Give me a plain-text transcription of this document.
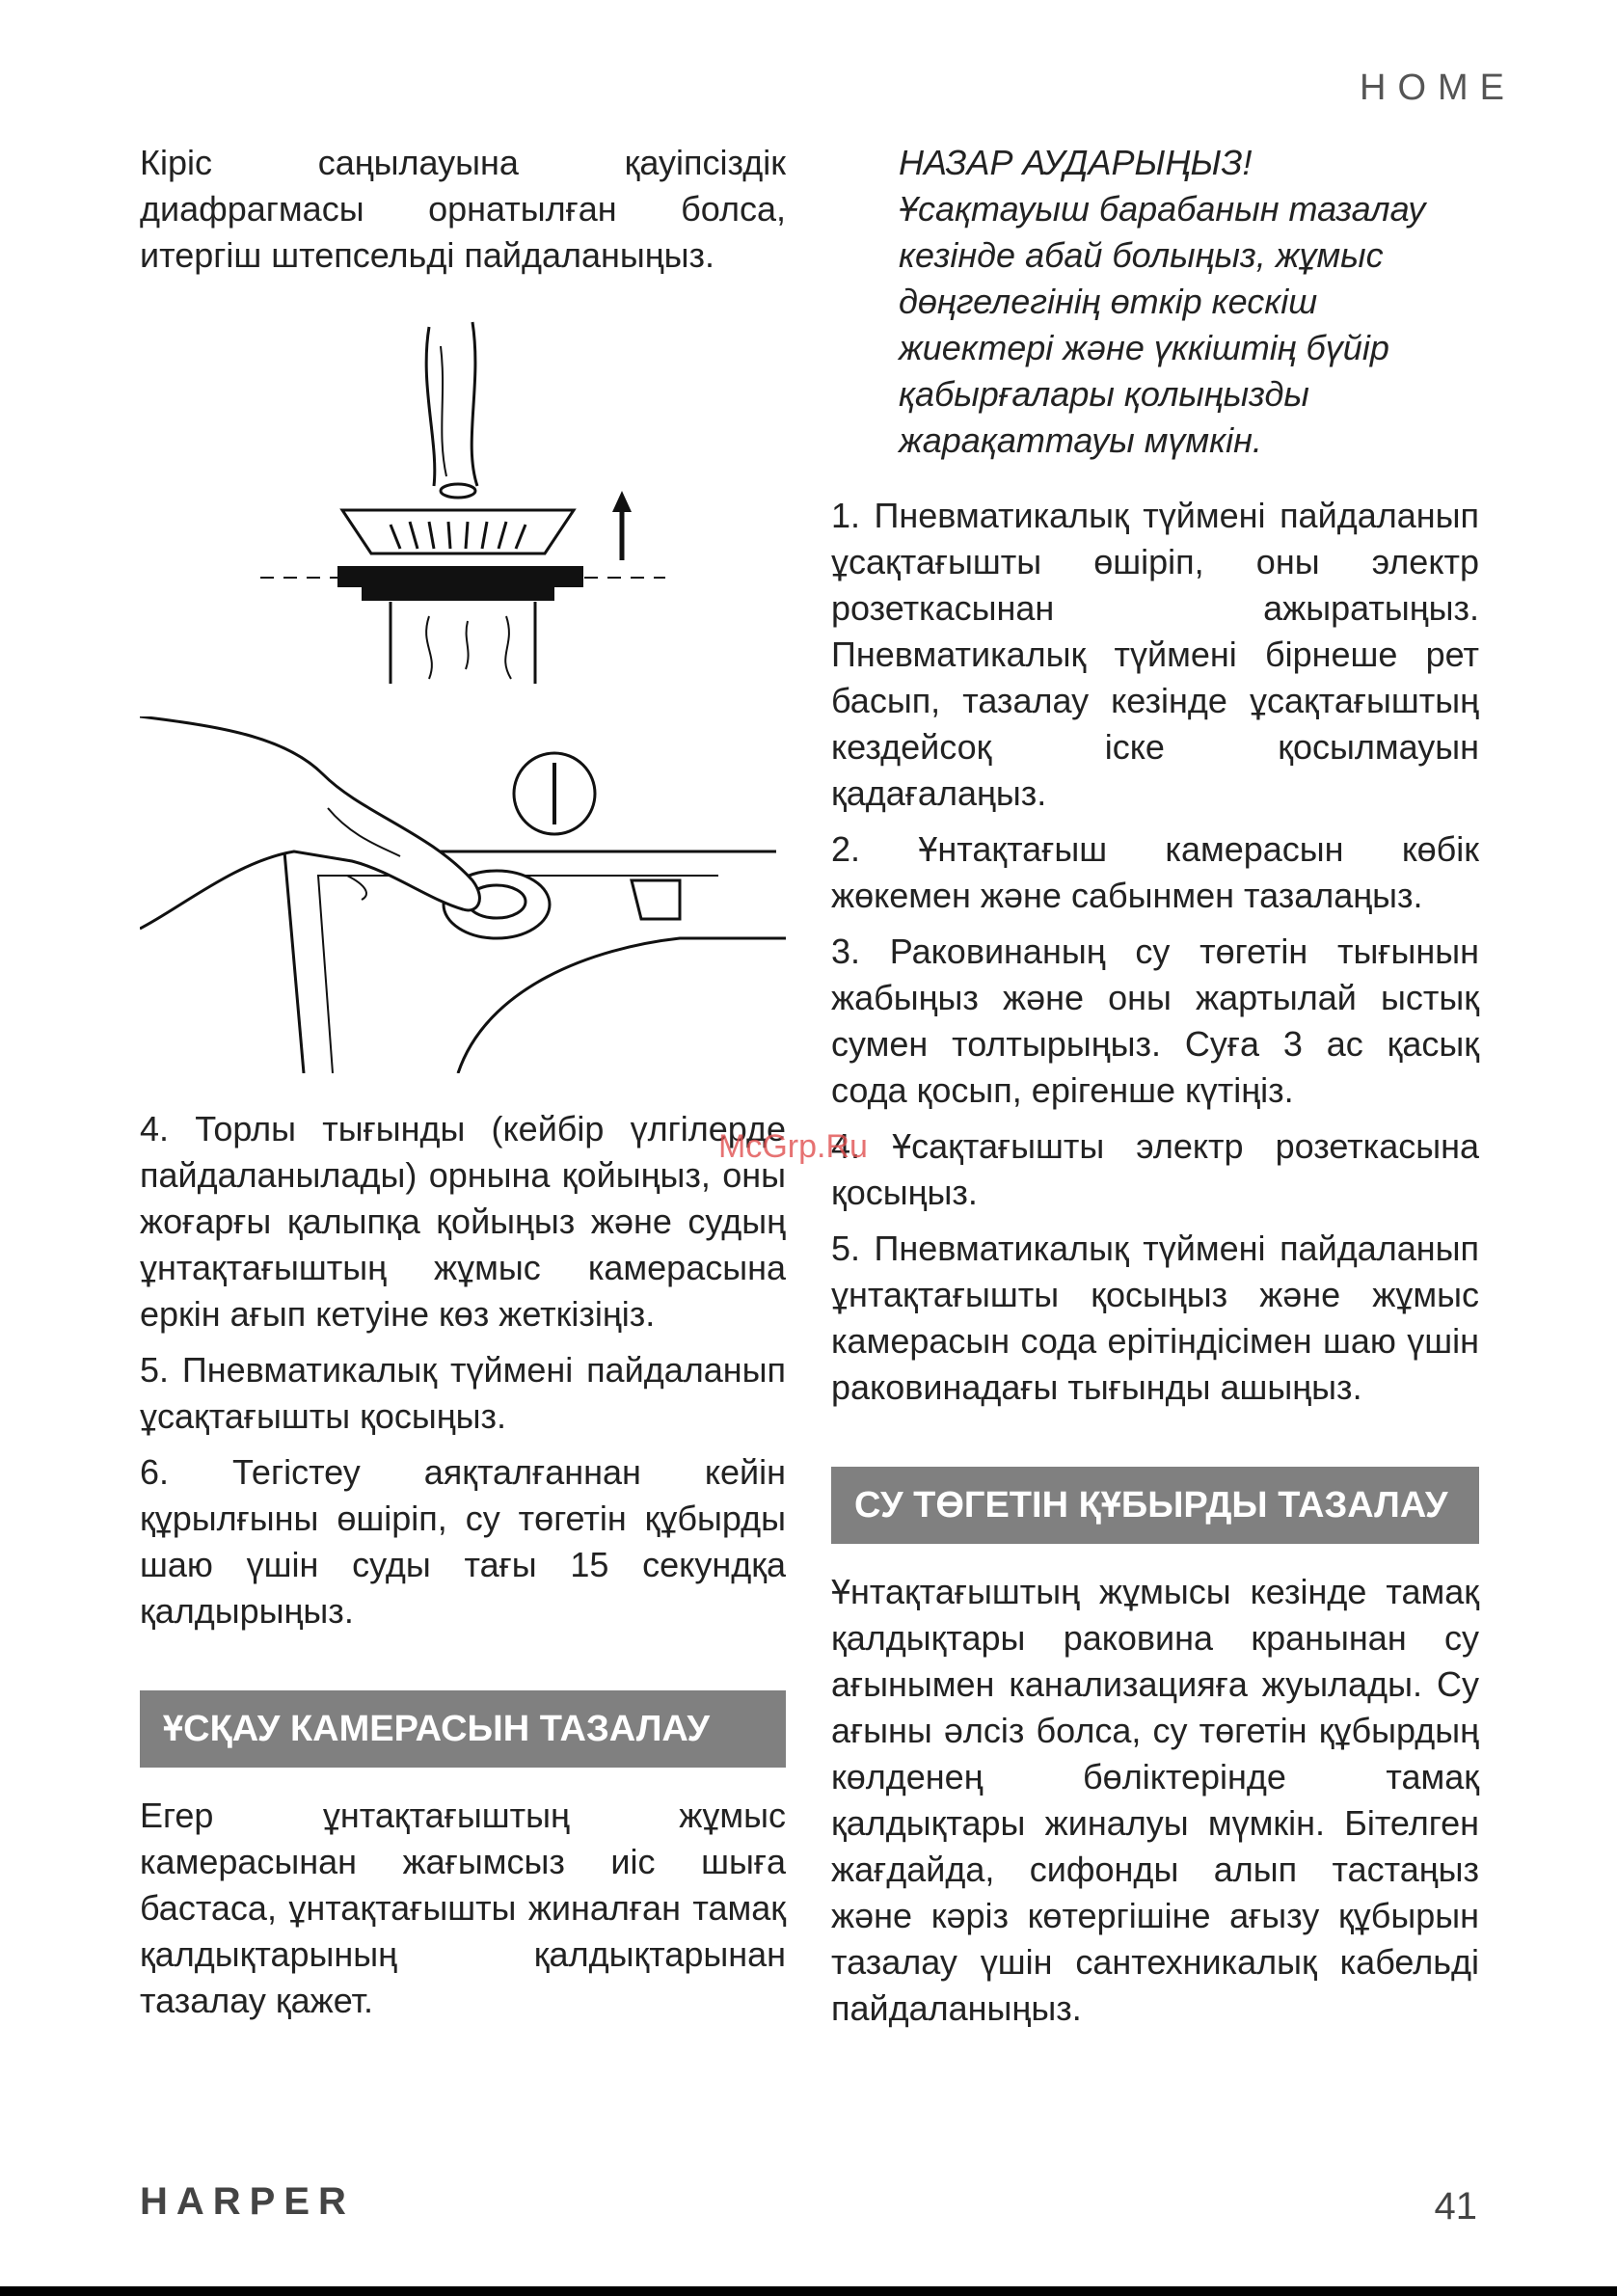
HOME

Кіріс саңылауына қауіпсіздік диафрагмасы орнатылған болса, итергіш штепсельді пайдаланыңыз.

4. Торлы тығынды (кейбір үлгілерде пайдаланылады) орнына қойыңыз, оны жоғарғы қалыпқа қойыңыз және судың ұнтақтағыштың жұмыс камерасына еркін ағып кетуіне көз жеткізіңіз.

5. Пневматикалық түймені пайдаланып ұсақтағышты қосыңыз.

6. Тегістеу аяқталғаннан кейін құрылғыны өшіріп, су төгетін құбырды шаю үшін суды тағы 15 секундқа қалдырыңыз.

ҰСҚАУ КАМЕРАСЫН ТАЗАЛАУ

Егер ұнтақтағыштың жұмыс камерасынан жағымсыз иіс шыға бастаса, ұнтақтағышты жиналған тамақ қалдықтарының қалдықтарынан тазалау қажет.

НАЗАР АУДАРЫҢЫЗ!
Ұсақтауыш барабанын тазалау кезінде абай болыңыз, жұмыс дөңгелегінің өткір кескіш жиектері және үккіштің бүйір қабырғалары қолыңызды жарақаттауы мүмкін.

1. Пневматикалық түймені пайдаланып ұсақтағышты өшіріп, оны электр розеткасынан ажыратыңыз. Пневматикалық түймені бірнеше рет басып, тазалау кезінде ұсақтағыштың кездейсоқ іске қосылмауын қадағалаңыз.

2. Ұнтақтағыш камерасын көбік жөкемен және сабынмен тазалаңыз.

3. Раковинаның су төгетін тығынын жабыңыз және оны жартылай ыстық сумен толтырыңыз. Суға 3 ас қасық сода қосып, ерігенше күтіңіз.

4. Ұсақтағышты электр розеткасына қосыңыз.

5. Пневматикалық түймені пайдаланып ұнтақтағышты қосыңыз және жұмыс камерасын сода ерітіндісімен шаю үшін раковинадағы тығынды ашыңыз.

СУ ТӨГЕТІН ҚҰБЫРДЫ ТАЗАЛАУ

Ұнтақтағыштың жұмысы кезінде тамақ қалдықтары раковина кранынан су ағынымен канализацияға жуылады. Су ағыны әлсіз болса, су төгетін құбырдың көлденең бөліктерінде тамақ қалдықтары жиналуы мүмкін. Бітелген жағдайда, сифонды алып тастаңыз және кәріз көтергішіне ағызу құбырын тазалау үшін сантехникалық кабельді пайдаланыңыз.

McGrp.Ru
HARPER	41
